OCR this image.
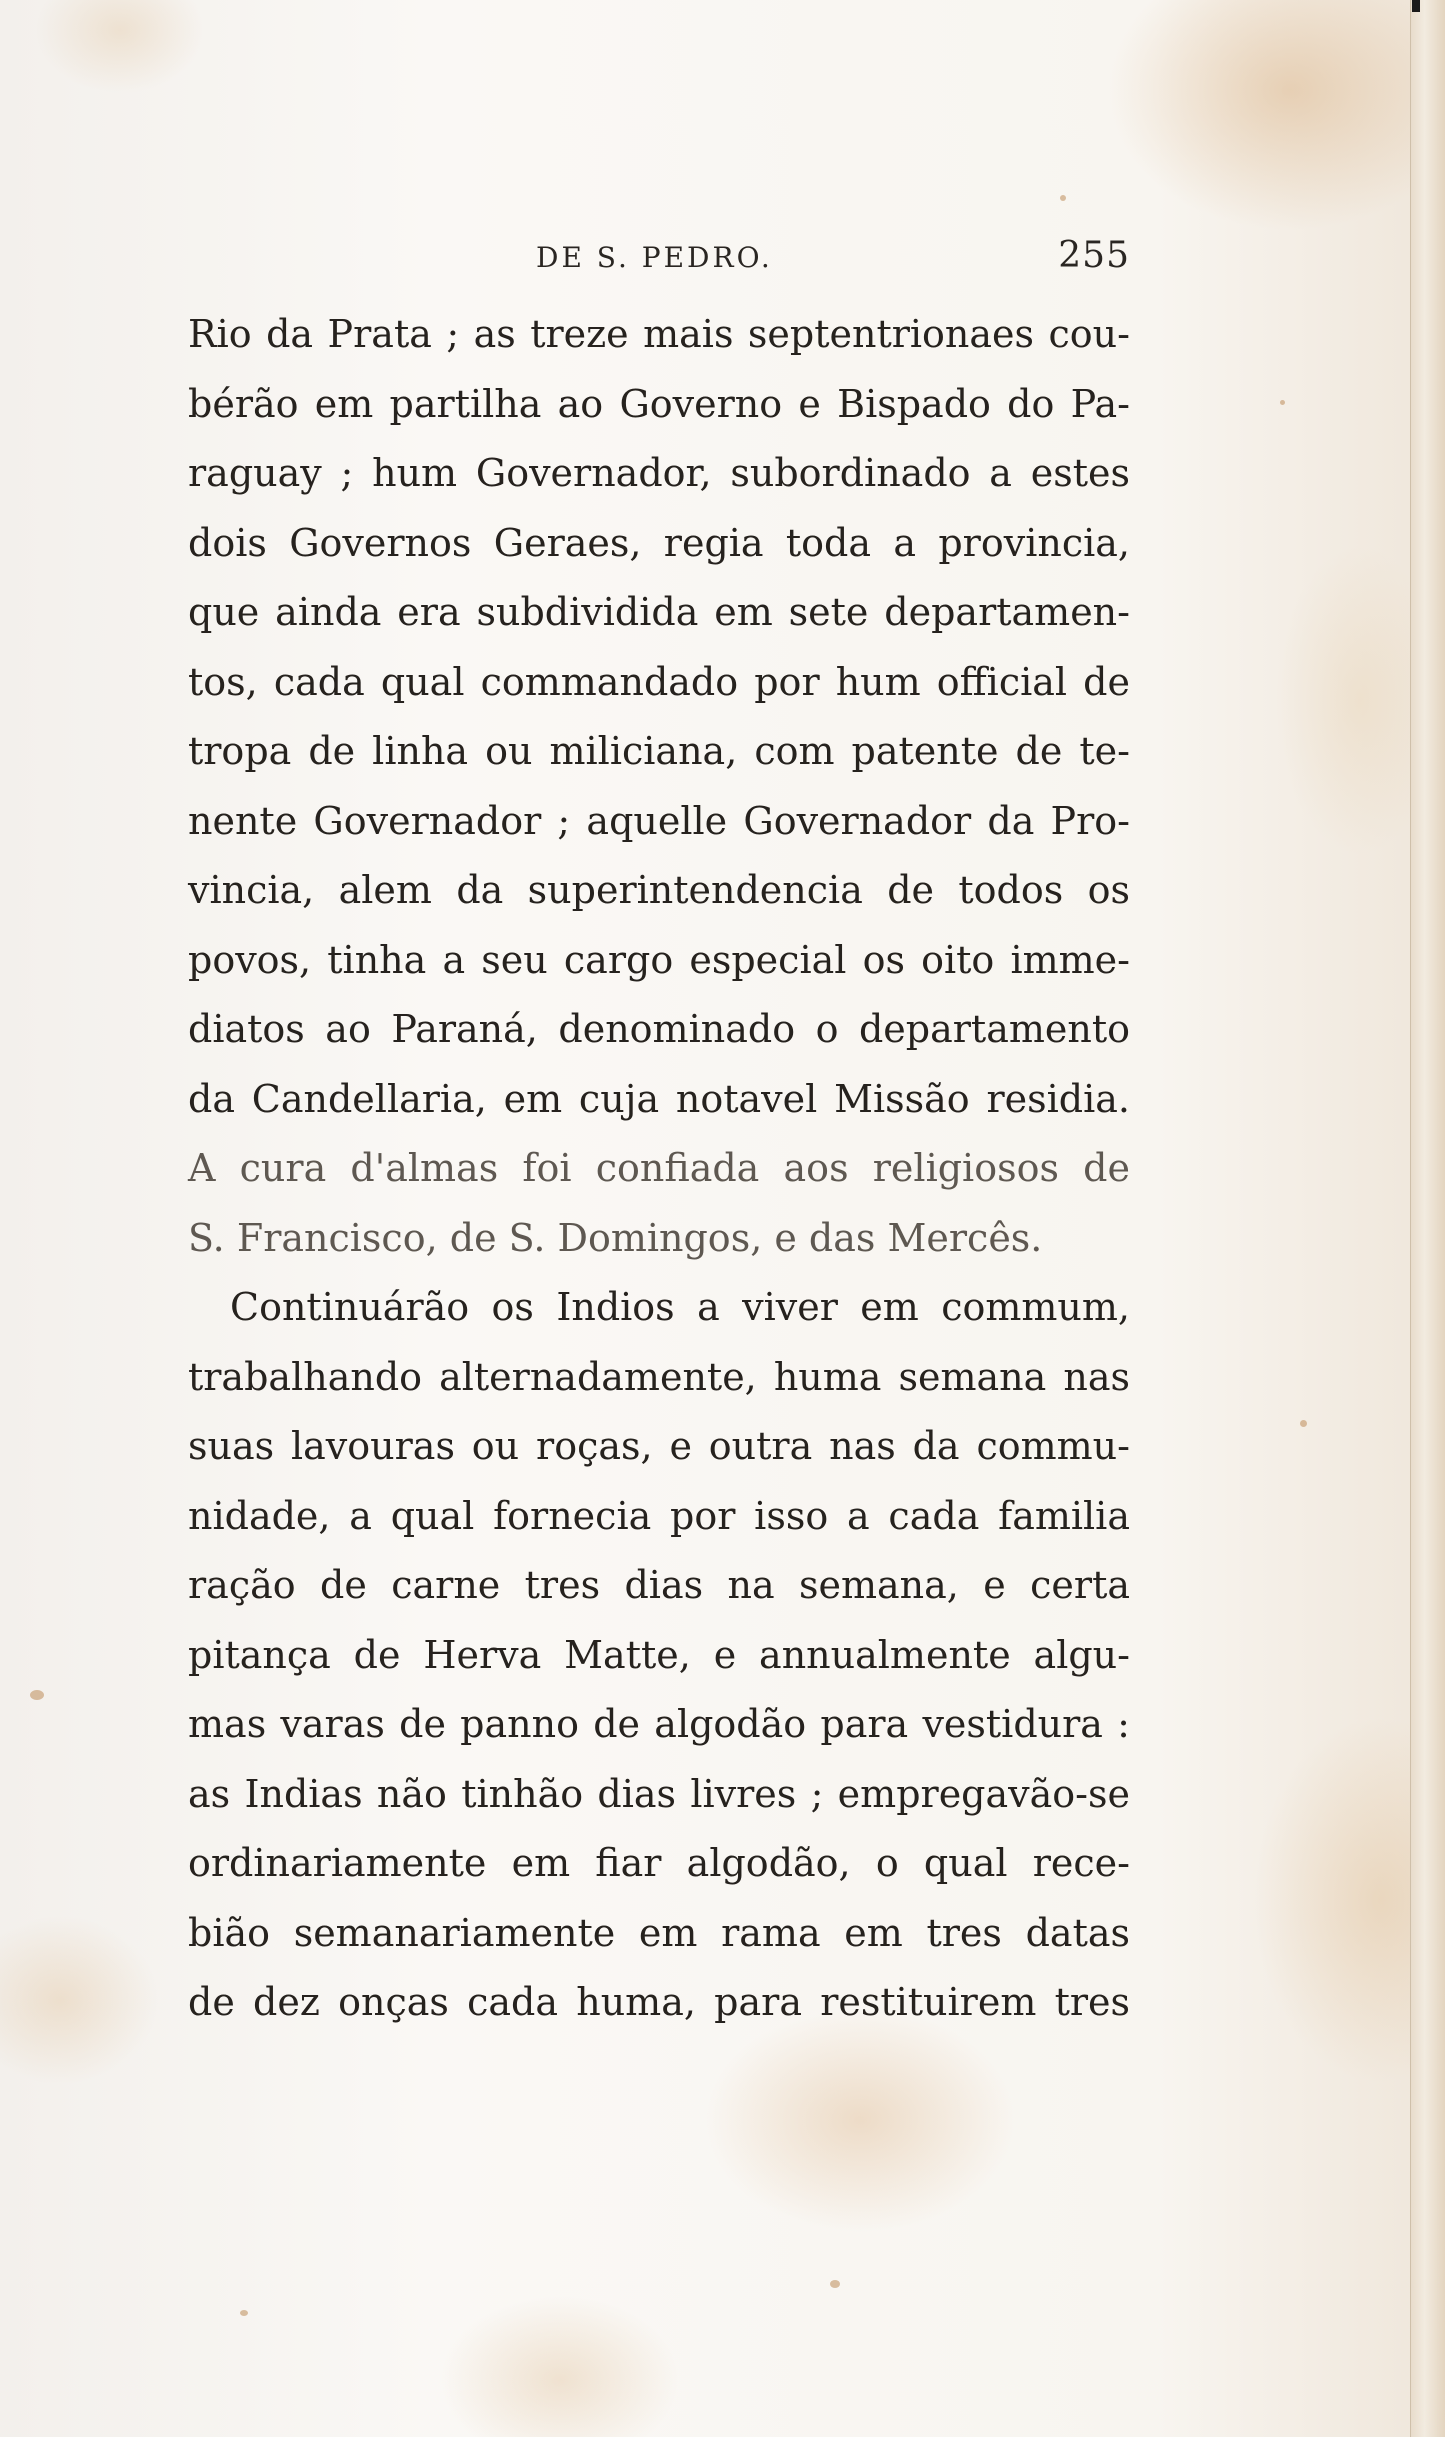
DE S. PEDRO.	255
Rio da Prata ; as treze mais septentrionaes cou-
bérão em partilha ao Governo e Bispado do Pa-
raguay ; hum Governador, subordinado a estes
dois Governos Geraes, regia toda a provincia,
que ainda era subdividida em sete departamen-
tos, cada qual commandado por hum official de
tropa de linha ou miliciana, com patente de te-
nente Governador ; aquelle Governador da Pro-
vincia, alem da superintendencia de todos os
povos, tinha a seu cargo especial os oito imme-
diatos ao Paraná, denominado o departamento
da Candellaria, em cuja notavel Missão residia.
A cura d'almas foi confiada aos religiosos de
S. Francisco, de S. Domingos, e das Mercês.
Continuárão os Indios a viver em commum,
trabalhando alternadamente, huma semana nas
suas lavouras ou roças, e outra nas da commu-
nidade, a qual fornecia por isso a cada familia
ração de carne tres dias na semana, e certa
pitança de Herva Matte, e annualmente algu-
mas varas de panno de algodão para vestidura :
as Indias não tinhão dias livres ; empregavão-se
ordinariamente em fiar algodão, o qual rece-
bião semanariamente em rama em tres datas
de dez onças cada huma, para restituirem tres
